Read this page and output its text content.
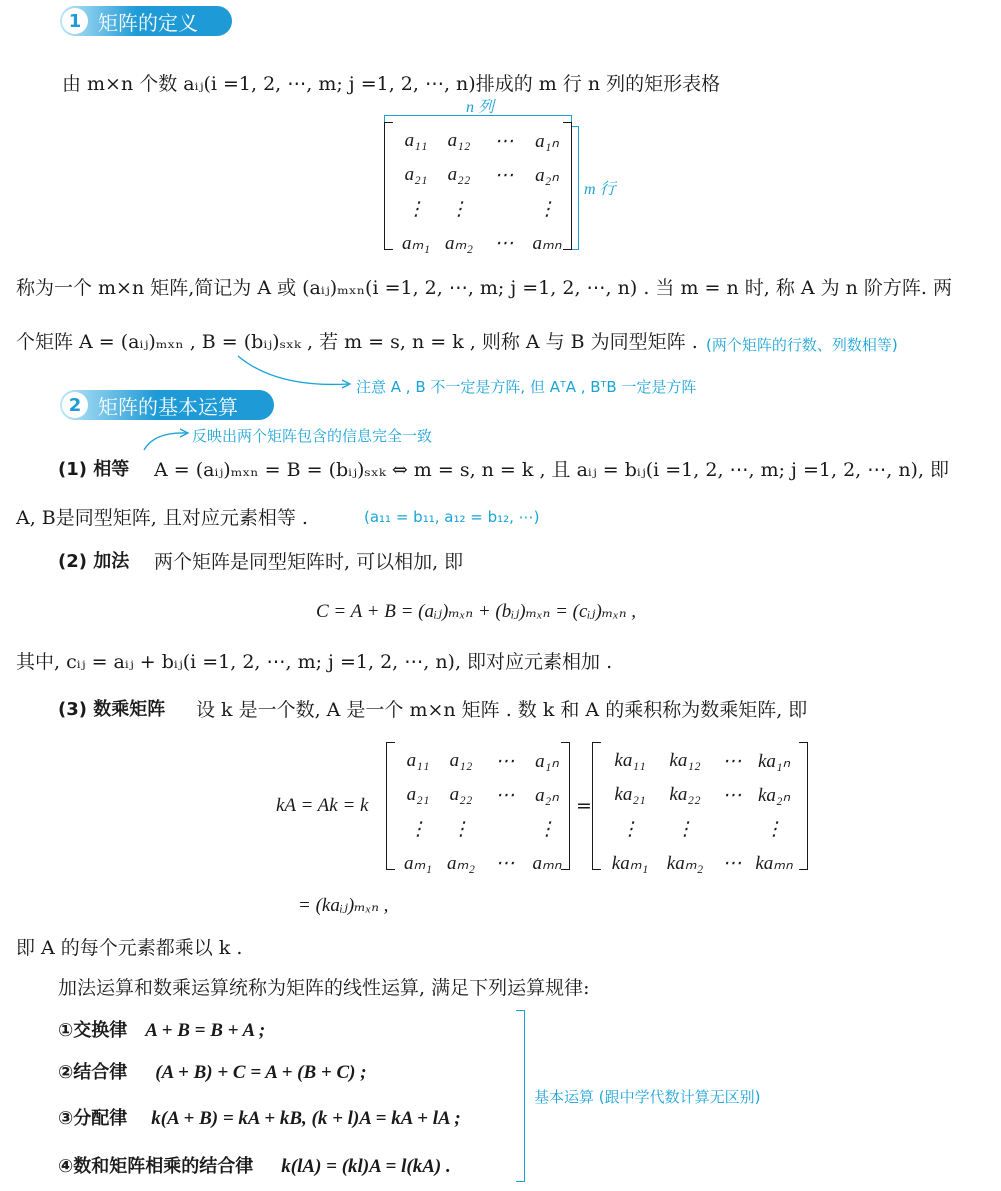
1 矩阵的定义
由 m×n 个数 aᵢⱼ(i =1, 2, ⋯, m; j =1, 2, ⋯, n)排成的 m 行 n 列的矩形表格
n 列
a₁₁	a₁₂	⋯	a₁ₙ
a₂₁	a₂₂	⋯	a₂ₙ
⋮	⋮		⋮
aₘ₁	aₘ₂	⋯	aₘₙ
m 行
称为一个 m×n 矩阵,简记为 A 或 (aᵢⱼ)ₘₓₙ(i =1, 2, ⋯, m; j =1, 2, ⋯, n) . 当 m = n 时, 称 A 为 n 阶方阵. 两
个矩阵 A = (aᵢⱼ)ₘₓₙ , B = (bᵢⱼ)ₛₓₖ , 若 m = s, n = k , 则称 A 与 B 为同型矩阵 . (两个矩阵的行数、列数相等)
注意 A , B 不一定是方阵, 但 AᵀA , BᵀB 一定是方阵
2 矩阵的基本运算
反映出两个矩阵包含的信息完全一致
(1) 相等 A = (aᵢⱼ)ₘₓₙ = B = (bᵢⱼ)ₛₓₖ ⇔ m = s, n = k , 且 aᵢⱼ = bᵢⱼ(i =1, 2, ⋯, m; j =1, 2, ⋯, n), 即
A, B是同型矩阵, 且对应元素相等 .	(a₁₁ = b₁₁, a₁₂ = b₁₂, ⋯)
(2) 加法 两个矩阵是同型矩阵时, 可以相加, 即
C = A + B = (aᵢⱼ)ₘₓₙ + (bᵢⱼ)ₘₓₙ = (cᵢⱼ)ₘₓₙ ,
其中, cᵢⱼ = aᵢⱼ + bᵢⱼ(i =1, 2, ⋯, m; j =1, 2, ⋯, n), 即对应元素相加 .
(3) 数乘矩阵 设 k 是一个数, A 是一个 m×n 矩阵 . 数 k 和 A 的乘积称为数乘矩阵, 即
kA = Ak = k
a₁₁	a₁₂	⋯	a₁ₙ
a₂₁	a₂₂	⋯	a₂ₙ
⋮	⋮		⋮
aₘ₁	aₘ₂	⋯	aₘₙ
=
ka₁₁	ka₁₂	⋯	ka₁ₙ
ka₂₁	ka₂₂	⋯	ka₂ₙ
⋮	⋮		⋮
kaₘ₁	kaₘ₂	⋯	kaₘₙ
= (kaᵢⱼ)ₘₓₙ ,
即 A 的每个元素都乘以 k .
加法运算和数乘运算统称为矩阵的线性运算, 满足下列运算规律:
①交换律 A + B = B + A ;
②结合律 (A + B) + C = A + (B + C) ;
③分配律 k(A + B) = kA + kB, (k + l)A = kA + lA ;
④数和矩阵相乘的结合律 k(lA) = (kl)A = l(kA) .
基本运算 (跟中学代数计算无区别)
